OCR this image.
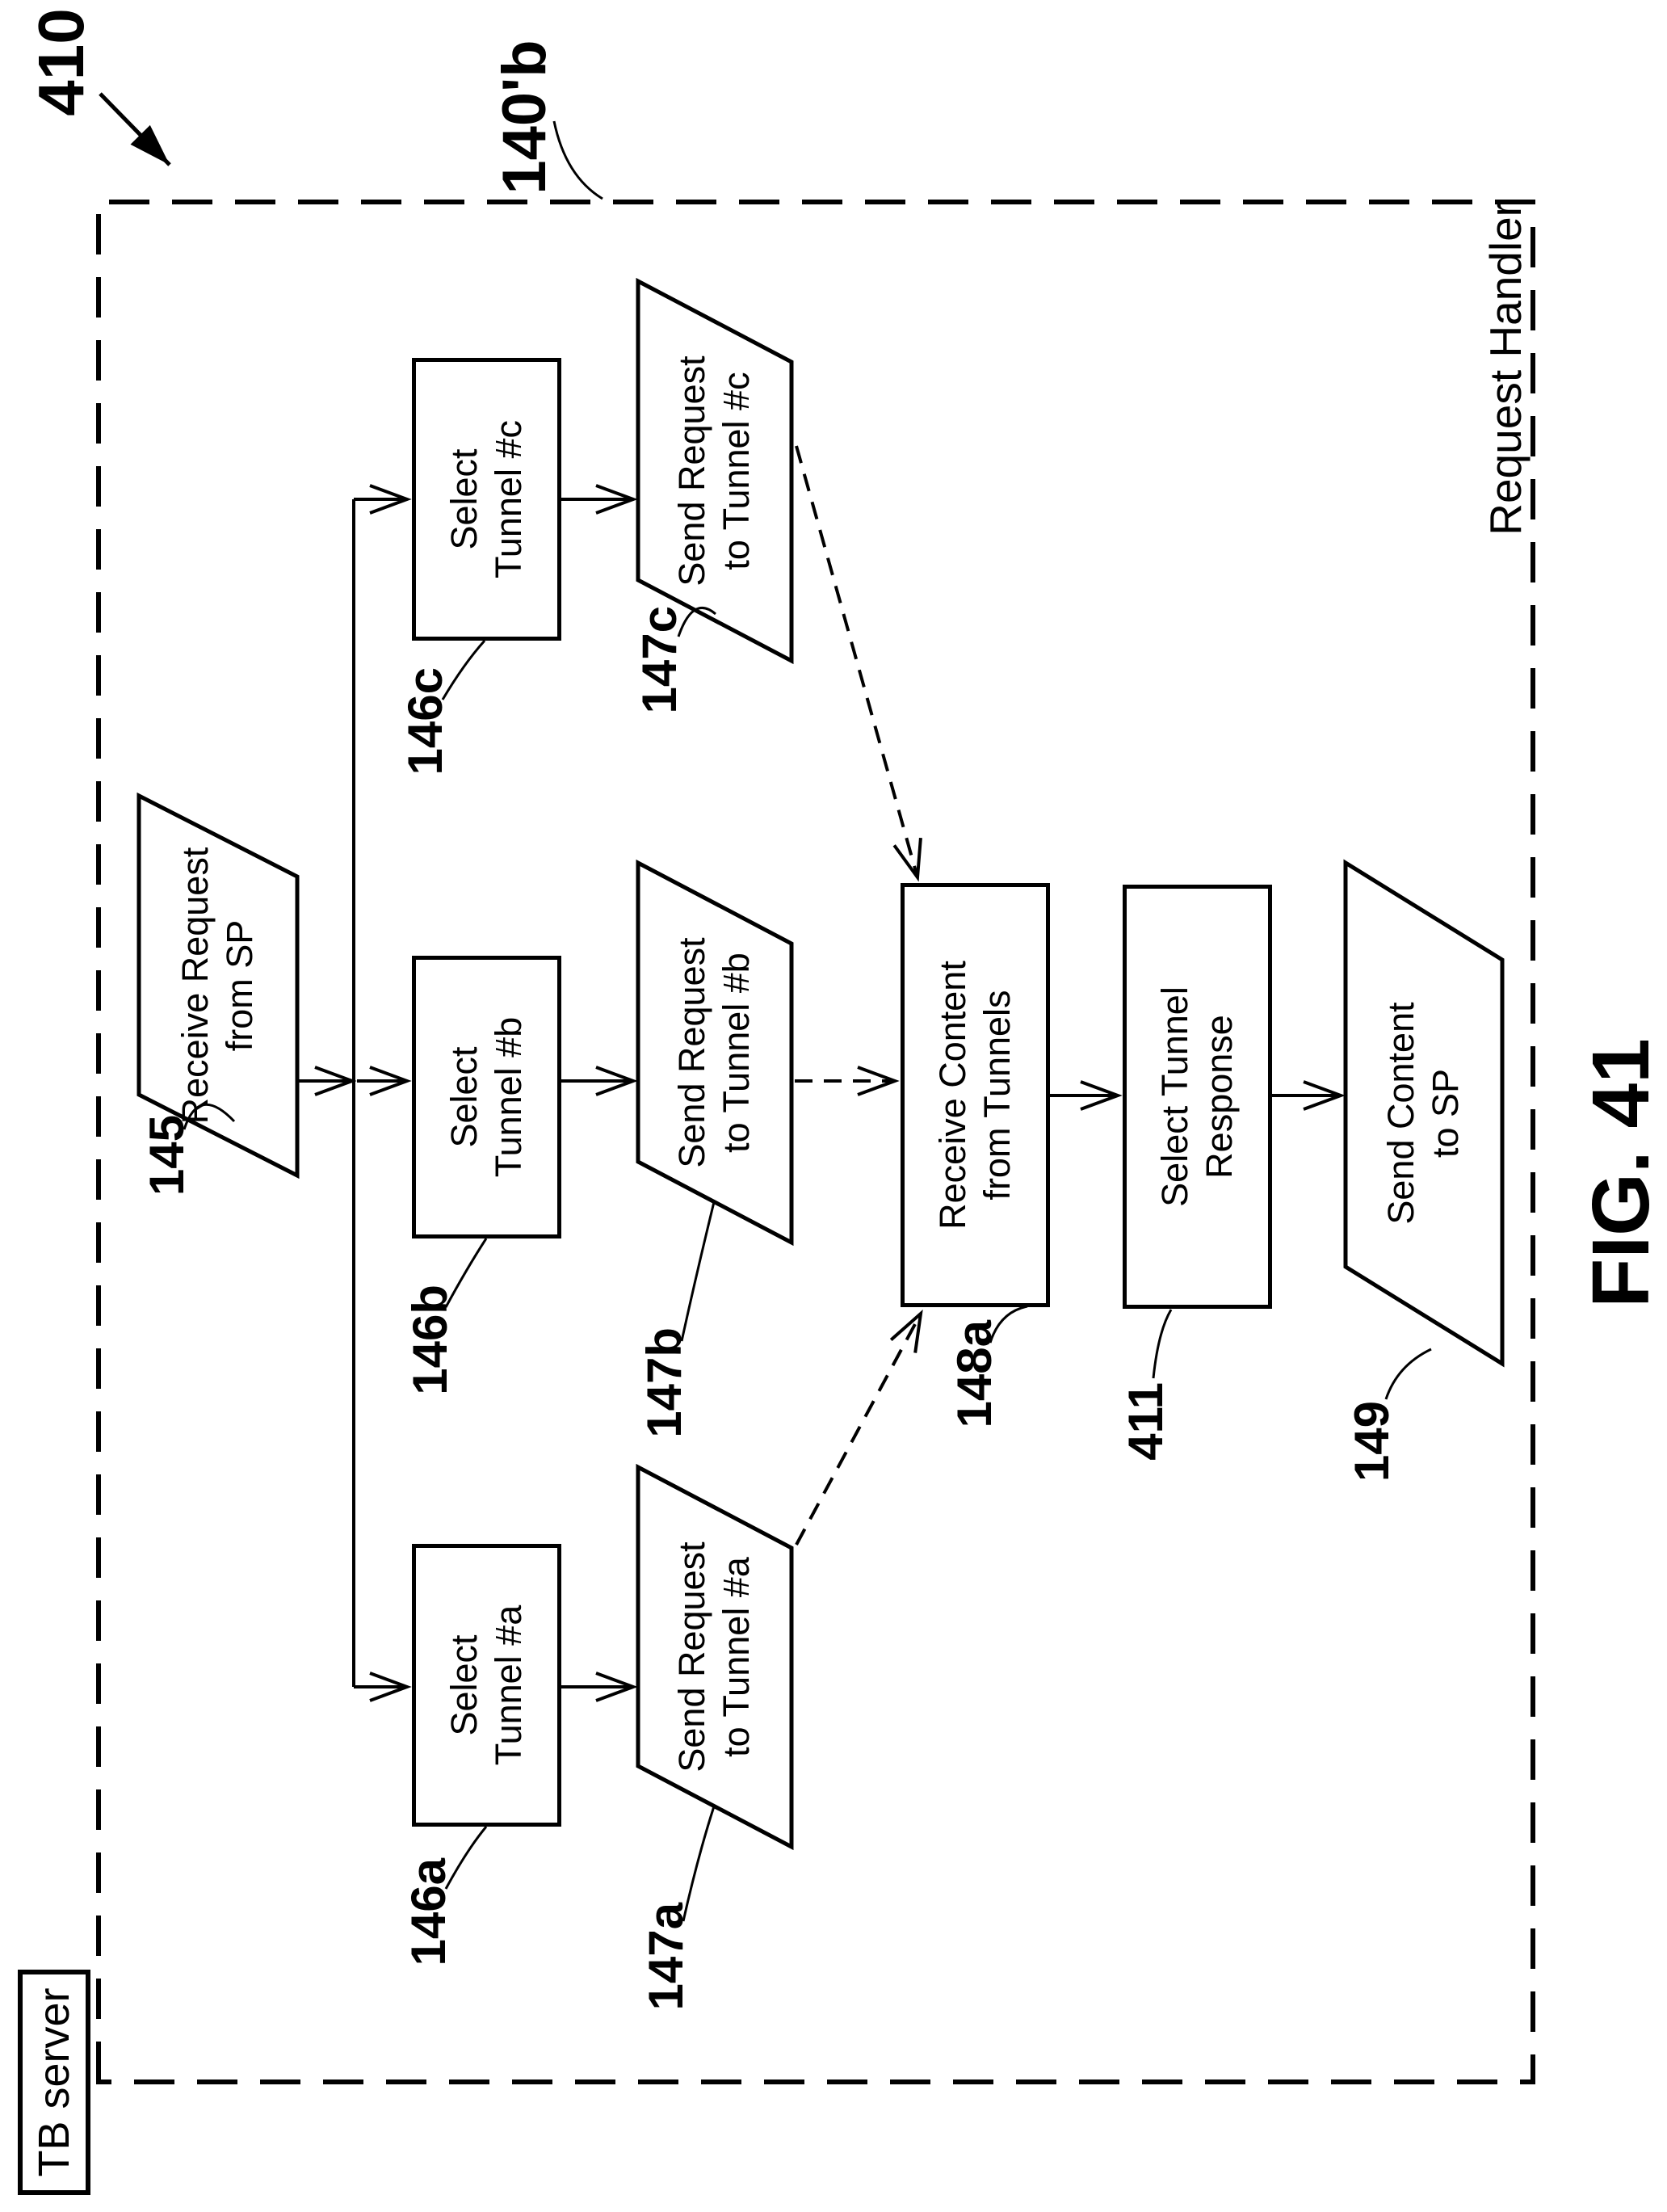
410	140'b
TB server
Request Handler
FIG. 41
Receive Request from SP
Send Request to Tunnel #a
Send Request to Tunnel #b
Send Request to Tunnel #c
Send Content to SP
Select Tunnel #a
Select Tunnel #b
Select Tunnel #c
Receive Content from Tunnels	Select Tunnel Response
145
146a
146b
146c
147a
147b
147c
148a 411	149
